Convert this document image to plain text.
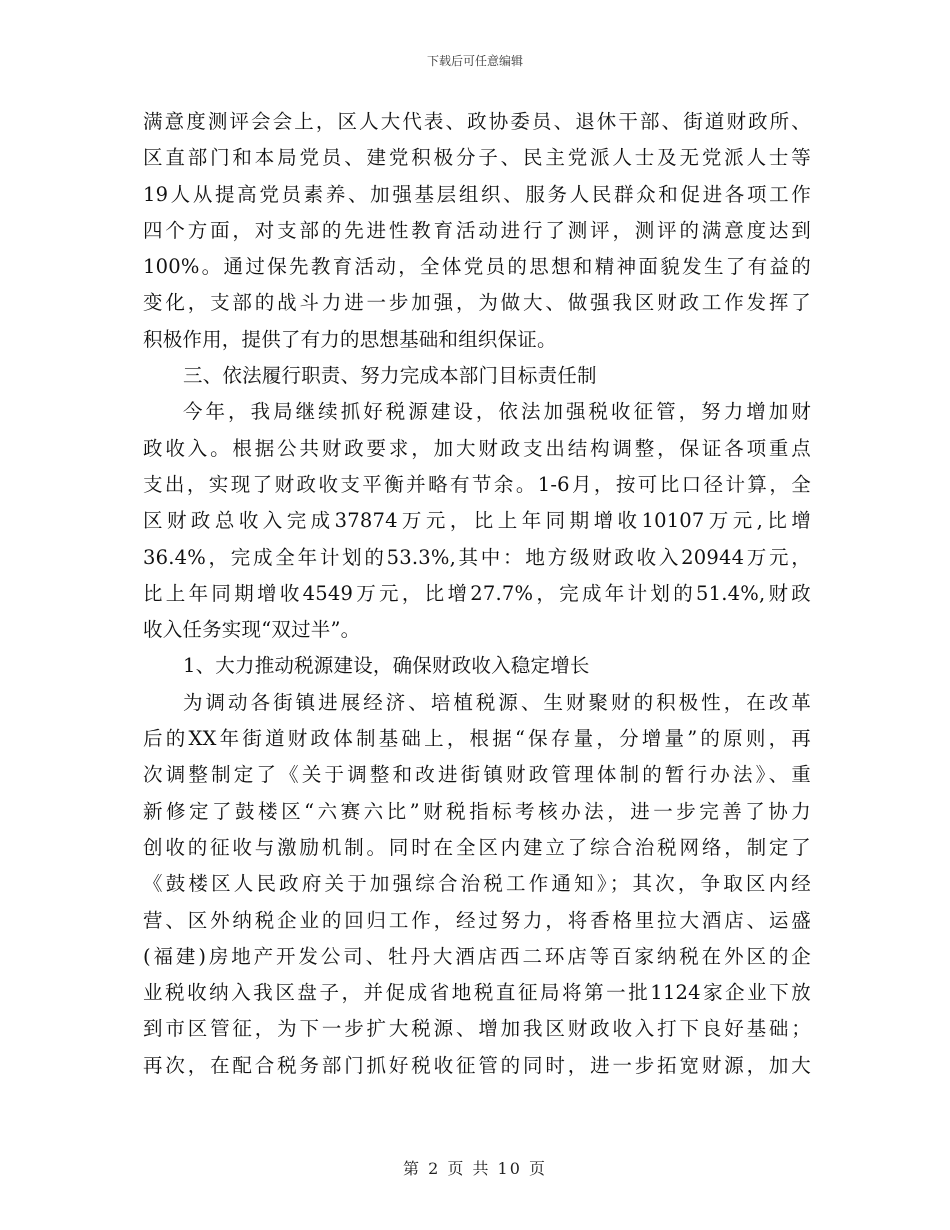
下载后可任意编辑
满意度测评会会上，区人大代表、政协委员、退休干部、街道财政所、
区直部门和本局党员、建党积极分子、民主党派人士及无党派人士等
19人从提高党员素养、加强基层组织、服务人民群众和促进各项工作
四个方面，对支部的先进性教育活动进行了测评，测评的满意度达到
100%。通过保先教育活动，全体党员的思想和精神面貌发生了有益的
变化，支部的战斗力进一步加强，为做大、做强我区财政工作发挥了
积极作用，提供了有力的思想基础和组织保证。
三、依法履行职责、努力完成本部门目标责任制
今年，我局继续抓好税源建设，依法加强税收征管，努力增加财
政收入。根据公共财政要求，加大财政支出结构调整，保证各项重点
支出，实现了财政收支平衡并略有节余。1-6月，按可比口径计算，全
区财政总收入完成37874万元，比上年同期增收10107万元,比增
36.4%，完成全年计划的53.3%,其中：地方级财政收入20944万元，
比上年同期增收4549万元，比增27.7%，完成年计划的51.4%,财政
收入任务实现“双过半”。
1、大力推动税源建设，确保财政收入稳定增长
为调动各街镇进展经济、培植税源、生财聚财的积极性，在改革
后的XX年街道财政体制基础上，根据“保存量，分增量”的原则，再
次调整制定了《关于调整和改进街镇财政管理体制的暂行办法》、重
新修定了鼓楼区“六赛六比”财税指标考核办法，进一步完善了协力
创收的征收与激励机制。同时在全区内建立了综合治税网络，制定了
《鼓楼区人民政府关于加强综合治税工作通知》；其次，争取区内经
营、区外纳税企业的回归工作，经过努力，将香格里拉大酒店、运盛
(福建)房地产开发公司、牡丹大酒店西二环店等百家纳税在外区的企
业税收纳入我区盘子，并促成省地税直征局将第一批1124家企业下放
到市区管征，为下一步扩大税源、增加我区财政收入打下良好基础；
再次，在配合税务部门抓好税收征管的同时，进一步拓宽财源，加大
第 2 页 共 10 页
